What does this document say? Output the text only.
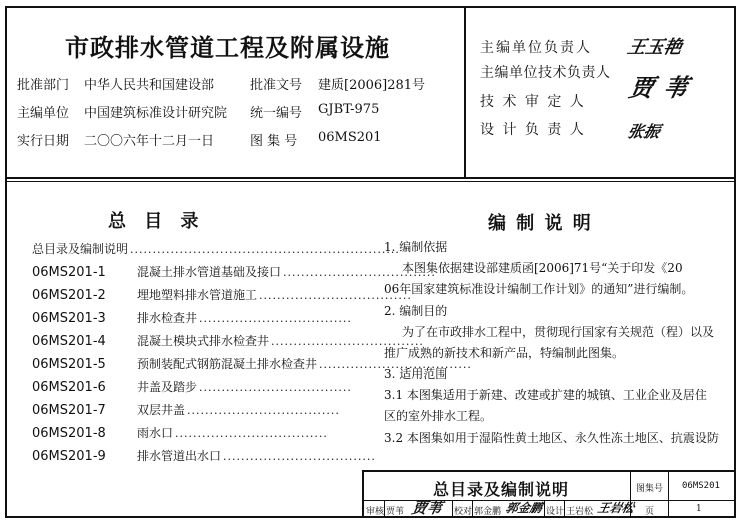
市政排水管道工程及附属设施
批准部门 中华人民共和国建设部	批准文号 建质[2006]281号
主编单位 中国建筑标准设计研究院 统一编号 GJBT-975
实行日期 二〇〇六年十二月一日	图 集 号 06MS201
主编单位负责人 王玉艳
主编单位技术负责人 贾苇
技 术 审 定 人
设 计 负 责 人 张振
总 目 录
总目录及编制说明 ............................................................
06MS201-1	混凝土排水管道基础及接口 ..................................
06MS201-2	埋地塑料排水管道施工 ..................................
06MS201-3	排水检查井 ..................................
06MS201-4	混凝土模块式排水检查井 ..................................
06MS201-5	预制装配式钢筋混凝土排水检查井 ..................................
06MS201-6	井盖及踏步 ..................................
06MS201-7	双层井盖 ..................................
06MS201-8	雨水口 ..................................
06MS201-9	排水管道出水口 ..................................
编 制 说 明
1. 编制依据
本图集依据建设部建质函[2006]71号“关于印发《20
06年国家建筑标准设计编制工作计划》的通知”进行编制。
2. 编制目的
为了在市政排水工程中，贯彻现行国家有关规范（程）以及
推广成熟的新技术和新产品，特编制此图集。
3. 适用范围
3.1 本图集适用于新建、改建或扩建的城镇、工业企业及居住
区的室外排水工程。
3.2 本图集如用于湿陷性黄土地区、永久性冻土地区、抗震设防
总目录及编制说明	图集号 06MS201
审核 贾苇 贾苇 校对 郭金鹏 郭金鹏 设计 王岩松 王岩松 页	1
